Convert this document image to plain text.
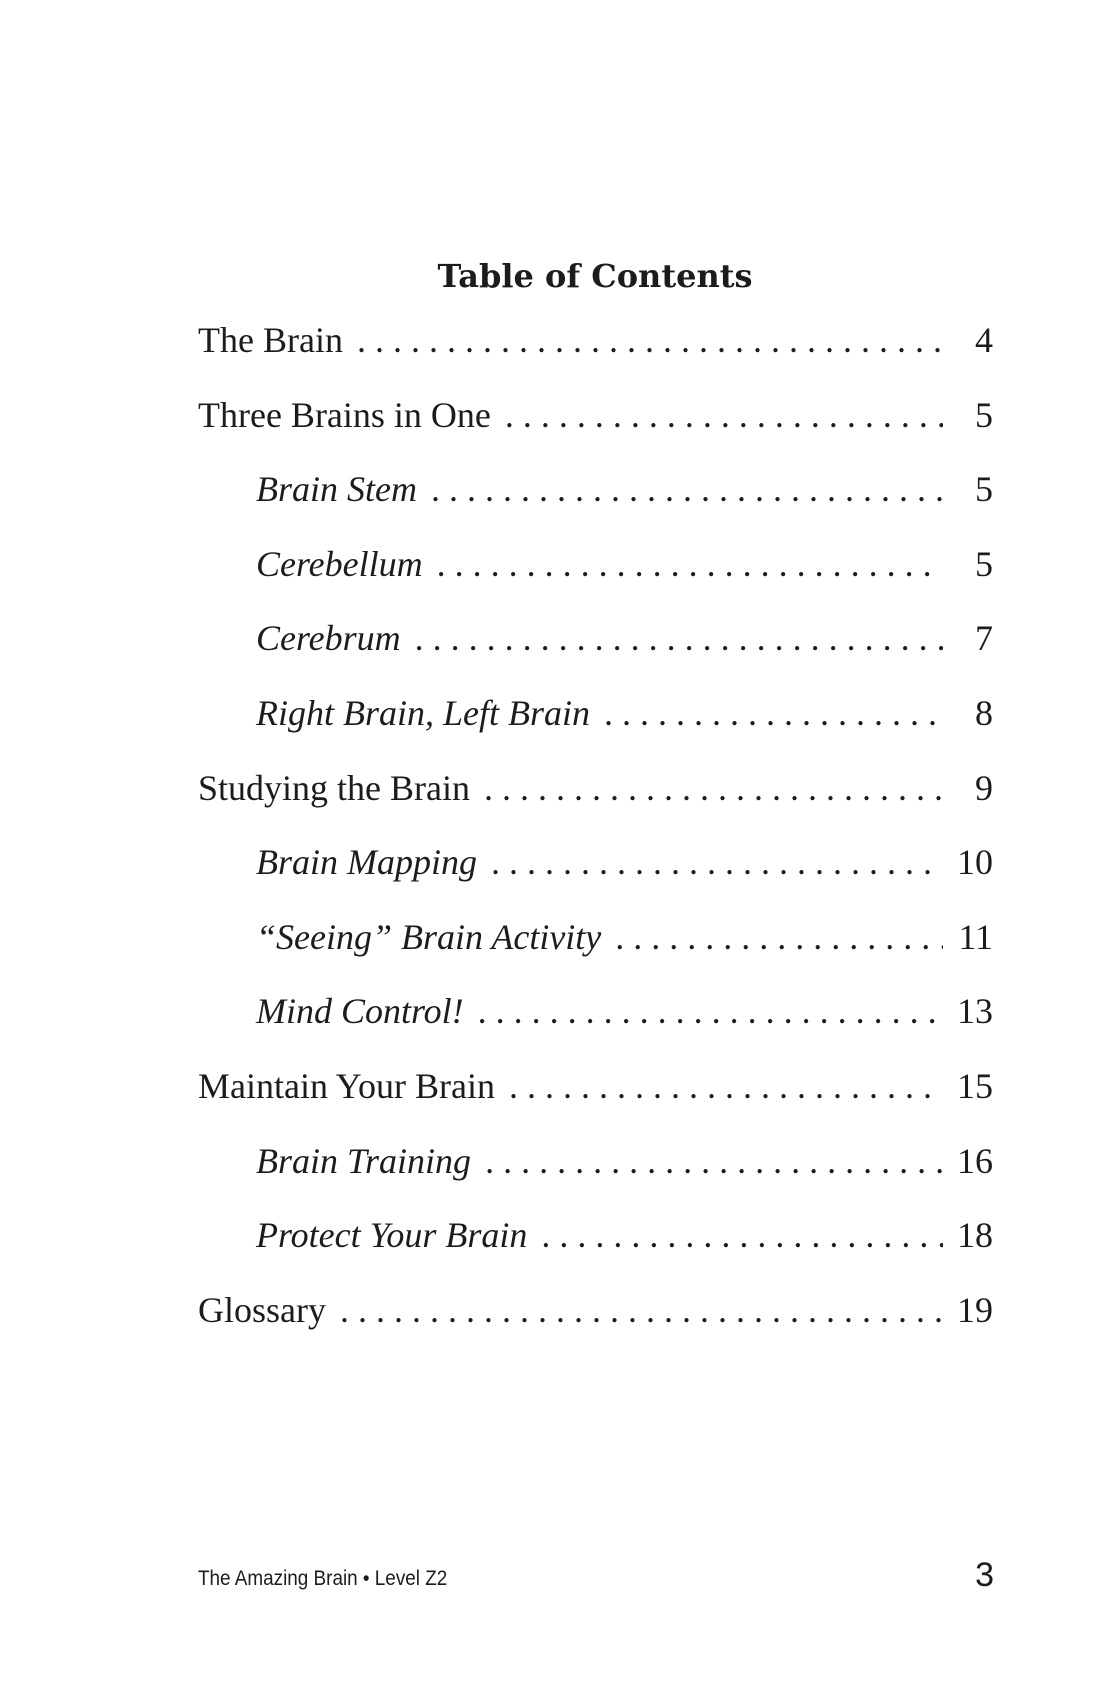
Table of Contents
The Brain . . .	4
Three Brains in One . . .	5
Brain Stem . . .	5
Cerebellum . . .	5
Cerebrum . . .	7
Right Brain, Left Brain . . .	8
Studying the Brain . . .	9
Brain Mapping . . .	10
“Seeing” Brain Activity . . .	11
Mind Control! . . .	13
Maintain Your Brain . . .	15
Brain Training . . .	16
Protect Your Brain . . .	18
Glossary . . .	19
The Amazing Brain • Level Z2	3
